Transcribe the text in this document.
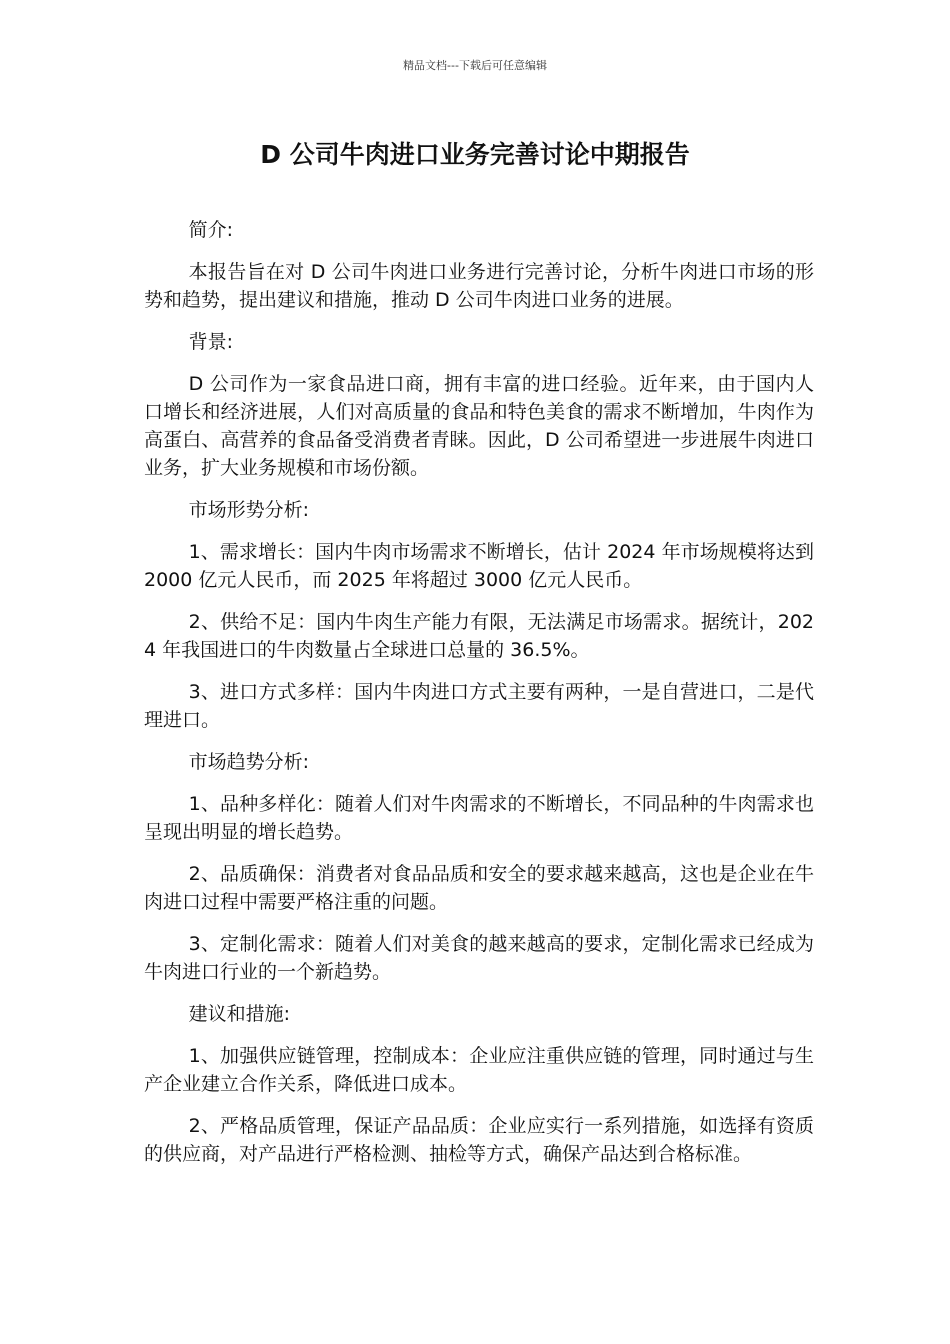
精品文档---下载后可任意编辑
D 公司牛肉进口业务完善讨论中期报告

简介:

本报告旨在对 D 公司牛肉进口业务进行完善讨论，分析牛肉进口市场的形势和趋势，提出建议和措施，推动 D 公司牛肉进口业务的进展。

背景:

D 公司作为一家食品进口商，拥有丰富的进口经验。近年来，由于国内人口增长和经济进展，人们对高质量的食品和特色美食的需求不断增加，牛肉作为高蛋白、高营养的食品备受消费者青睐。因此，D 公司希望进一步进展牛肉进口业务，扩大业务规模和市场份额。

市场形势分析:

1、需求增长：国内牛肉市场需求不断增长，估计 2024 年市场规模将达到 2000 亿元人民币，而 2025 年将超过 3000 亿元人民币。

2、供给不足：国内牛肉生产能力有限，无法满足市场需求。据统计，2024 年我国进口的牛肉数量占全球进口总量的 36.5%。

3、进口方式多样：国内牛肉进口方式主要有两种，一是自营进口，二是代理进口。

市场趋势分析:

1、品种多样化：随着人们对牛肉需求的不断增长，不同品种的牛肉需求也呈现出明显的增长趋势。

2、品质确保：消费者对食品品质和安全的要求越来越高，这也是企业在牛肉进口过程中需要严格注重的问题。

3、定制化需求：随着人们对美食的越来越高的要求，定制化需求已经成为牛肉进口行业的一个新趋势。

建议和措施:

1、加强供应链管理，控制成本：企业应注重供应链的管理，同时通过与生产企业建立合作关系，降低进口成本。

2、严格品质管理，保证产品品质：企业应实行一系列措施，如选择有资质的供应商，对产品进行严格检测、抽检等方式，确保产品达到合格标准。
